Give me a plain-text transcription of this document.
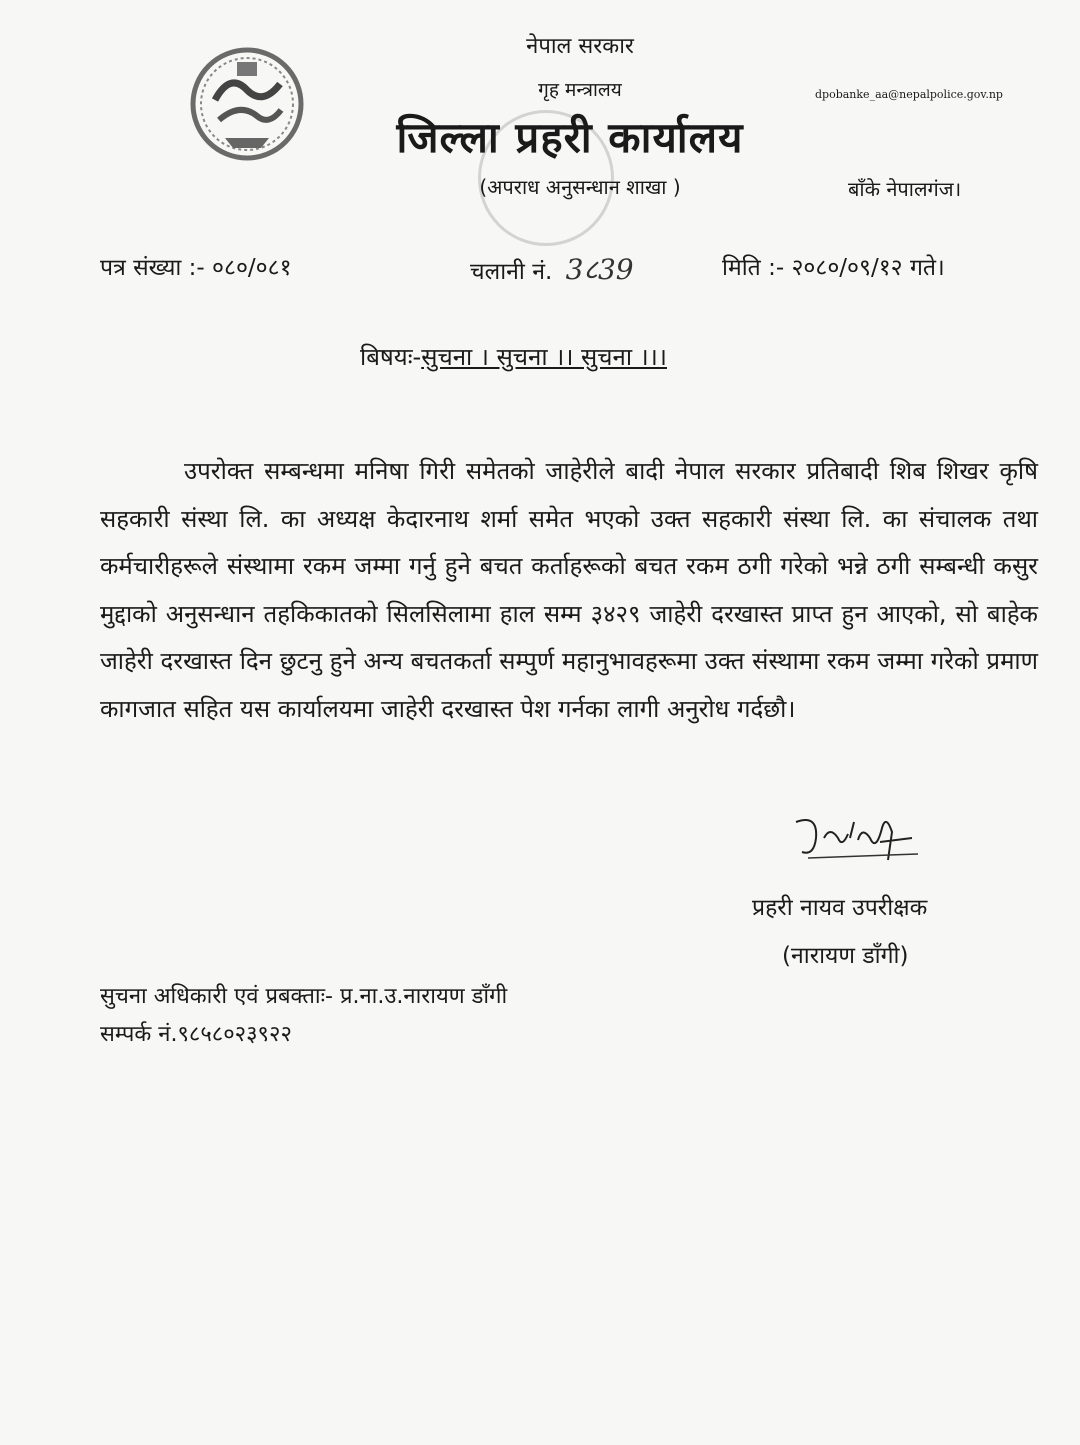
नेपाल सरकार
गृह मन्त्रालय
जिल्ला प्रहरी कार्यालय
(अपराध अनुसन्धान शाखा )
dpobanke_aa@nepalpolice.gov.np
बाँके नेपालगंज।
पत्र संख्या :- ०८०/०८१	चलानी नं. 3८39	मिति :- २०८०/०९/१२ गते।
बिषयः-सुचना । सुचना ।। सुचना ।।।

उपरोक्त सम्बन्धमा मनिषा गिरी समेतको जाहेरीले बादी नेपाल सरकार प्रतिबादी शिब शिखर कृषि सहकारी संस्था लि. का अध्यक्ष केदारनाथ शर्मा समेत भएको उक्त सहकारी संस्था लि. का संचालक तथा कर्मचारीहरूले संस्थामा रकम जम्मा गर्नु हुने बचत कर्ताहरूको बचत रकम ठगी गरेको भन्ने ठगी सम्बन्धी कसुर मुद्दाको अनुसन्धान तहकिकातको सिलसिलामा हाल सम्म ३४२९ जाहेरी दरखास्त प्राप्त हुन आएको, सो बाहेक जाहेरी दरखास्त दिन छुटनु हुने अन्य बचतकर्ता सम्पुर्ण महानुभावहरूमा उक्त संस्थामा रकम जम्मा गरेको प्रमाण कागजात सहित यस कार्यालयमा जाहेरी दरखास्त पेश गर्नका लागी अनुरोध गर्दछौ।

प्रहरी नायव उपरीक्षक
(नारायण डाँगी)
सुचना अधिकारी एवं प्रबक्ताः- प्र.ना.उ.नारायण डाँगी
सम्पर्क नं.९८५८०२३९२२
